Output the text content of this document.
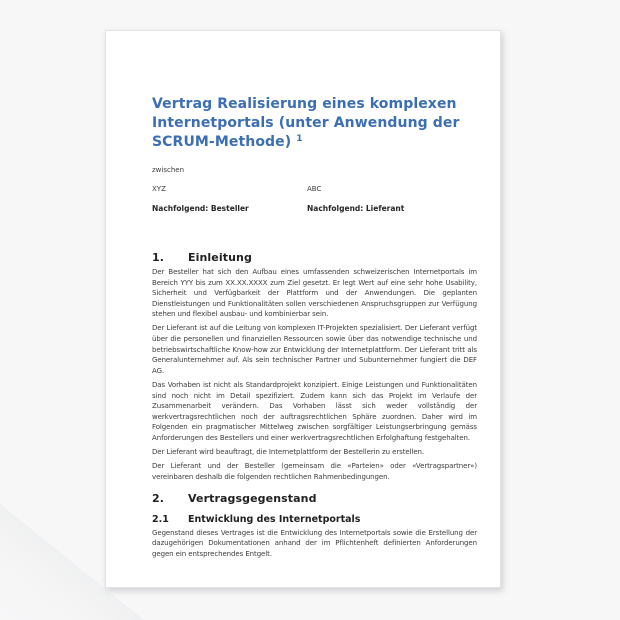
Vertrag Realisierung eines komplexen Internetportals (unter Anwendung der SCRUM-Methode) $^1$
zwischen
XYZ	ABC
Nachfolgend: Besteller	Nachfolgend: Lieferant
1.	Einleitung

Der Besteller hat sich den Aufbau eines umfassenden schweizerischen Internetportals im Bereich YYY bis zum XX.XX.XXXX zum Ziel gesetzt. Er legt Wert auf eine sehr hohe Usability, Sicherheit und Verfügbarkeit der Plattform und der Anwendungen. Die geplanten Dienstleistungen und Funktionalitäten sollen verschiedenen Anspruchsgruppen zur Verfügung stehen und flexibel ausbau- und kombinierbar sein.

Der Lieferant ist auf die Leitung von komplexen IT-Projekten spezialisiert. Der Lieferant verfügt über die personellen und finanziellen Ressourcen sowie über das notwendige technische und betriebswirtschaftliche Know-how zur Entwicklung der Internetplattform. Der Lieferant tritt als Generalunternehmer auf. Als sein technischer Partner und Subunternehmer fungiert die DEF AG.

Das Vorhaben ist nicht als Standardprojekt konzipiert. Einige Leistungen und Funktionalitäten sind noch nicht im Detail spezifiziert. Zudem kann sich das Projekt im Verlaufe der Zusammenarbeit verändern. Das Vorhaben lässt sich weder vollständig der werkvertragsrechtlichen noch der auftragsrechtlichen Sphäre zuordnen. Daher wird im Folgenden ein pragmatischer Mittelweg zwischen sorgfältiger Leistungserbringung gemäss Anforderungen des Bestellers und einer werkvertragsrechtlichen Erfolghaftung festgehalten.

Der Lieferant wird beauftragt, die Internetplattform der Bestellerin zu erstellen.

Der Lieferant und der Besteller (gemeinsam die «Parteien» oder «Vertragspartner») vereinbaren deshalb die folgenden rechtlichen Rahmenbedingungen.

2.	Vertragsgegenstand
2.1	Entwicklung des Internetportals

Gegenstand dieses Vertrages ist die Entwicklung des Internetportals sowie die Erstellung der dazugehörigen Dokumentationen anhand der im Pflichtenheft definierten Anforderungen gegen ein entsprechendes Entgelt.
